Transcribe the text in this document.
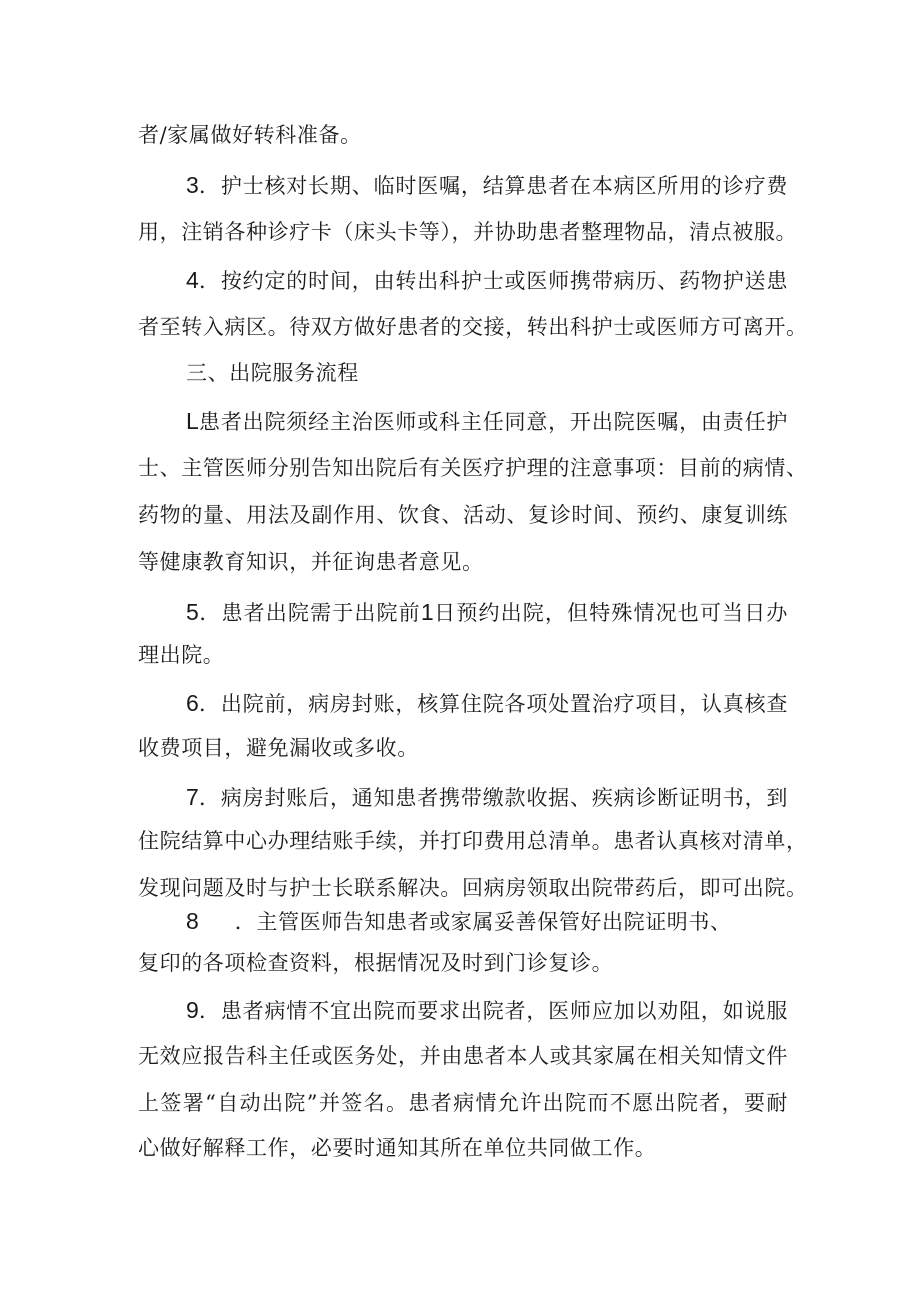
者/家属做好转科准备。
3．护士核对长期、临时医嘱，结算患者在本病区所用的诊疗费
用，注销各种诊疗卡（床头卡等），并协助患者整理物品，清点被服。
4．按约定的时间，由转出科护士或医师携带病历、药物护送患
者至转入病区。待双方做好患者的交接，转出科护士或医师方可离开。
三、出院服务流程
L患者出院须经主治医师或科主任同意，开出院医嘱，由责任护
士、主管医师分别告知出院后有关医疗护理的注意事项：目前的病情、
药物的量、用法及副作用、饮食、活动、复诊时间、预约、康复训练
等健康教育知识，并征询患者意见。
5．患者出院需于出院前1日预约出院，但特殊情况也可当日办
理出院。
6．出院前，病房封账，核算住院各项处置治疗项目，认真核查
收费项目，避免漏收或多收。
7．病房封账后，通知患者携带缴款收据、疾病诊断证明书，到
住院结算中心办理结账手续，并打印费用总清单。患者认真核对清单，
发现问题及时与护士长联系解决。回病房领取出院带药后，即可出院。
8 ．主管医师告知患者或家属妥善保管好出院证明书、
复印的各项检查资料，根据情况及时到门诊复诊。
9．患者病情不宜出院而要求出院者，医师应加以劝阻，如说服
无效应报告科主任或医务处，并由患者本人或其家属在相关知情文件
上签署“自动出院”并签名。患者病情允许出院而不愿出院者，要耐
心做好解释工作，必要时通知其所在单位共同做工作。
